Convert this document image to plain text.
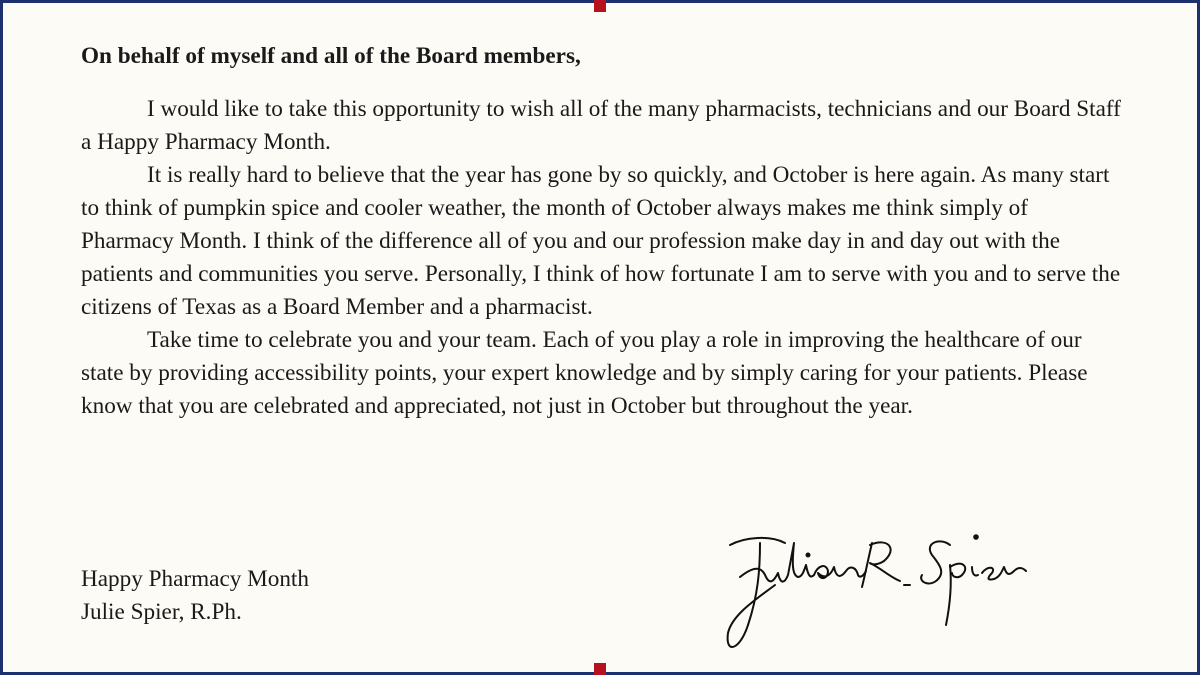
On behalf of myself and all of the Board members,

I would like to take this opportunity to wish all of the many pharmacists, technicians and our Board Staff a Happy Pharmacy Month.

It is really hard to believe that the year has gone by so quickly, and October is here again. As many start to think of pumpkin spice and cooler weather, the month of October always makes me think simply of Pharmacy Month. I think of the difference all of you and our profession make day in and day out with the patients and communities you serve. Personally, I think of how fortunate I am to serve with you and to serve the citizens of Texas as a Board Member and a pharmacist.

Take time to celebrate you and your team. Each of you play a role in improving the healthcare of our state by providing accessibility points, your expert knowledge and by simply caring for your patients. Please know that you are celebrated and appreciated, not just in October but throughout the year.

Happy Pharmacy Month
Julie Spier, R.Ph.
